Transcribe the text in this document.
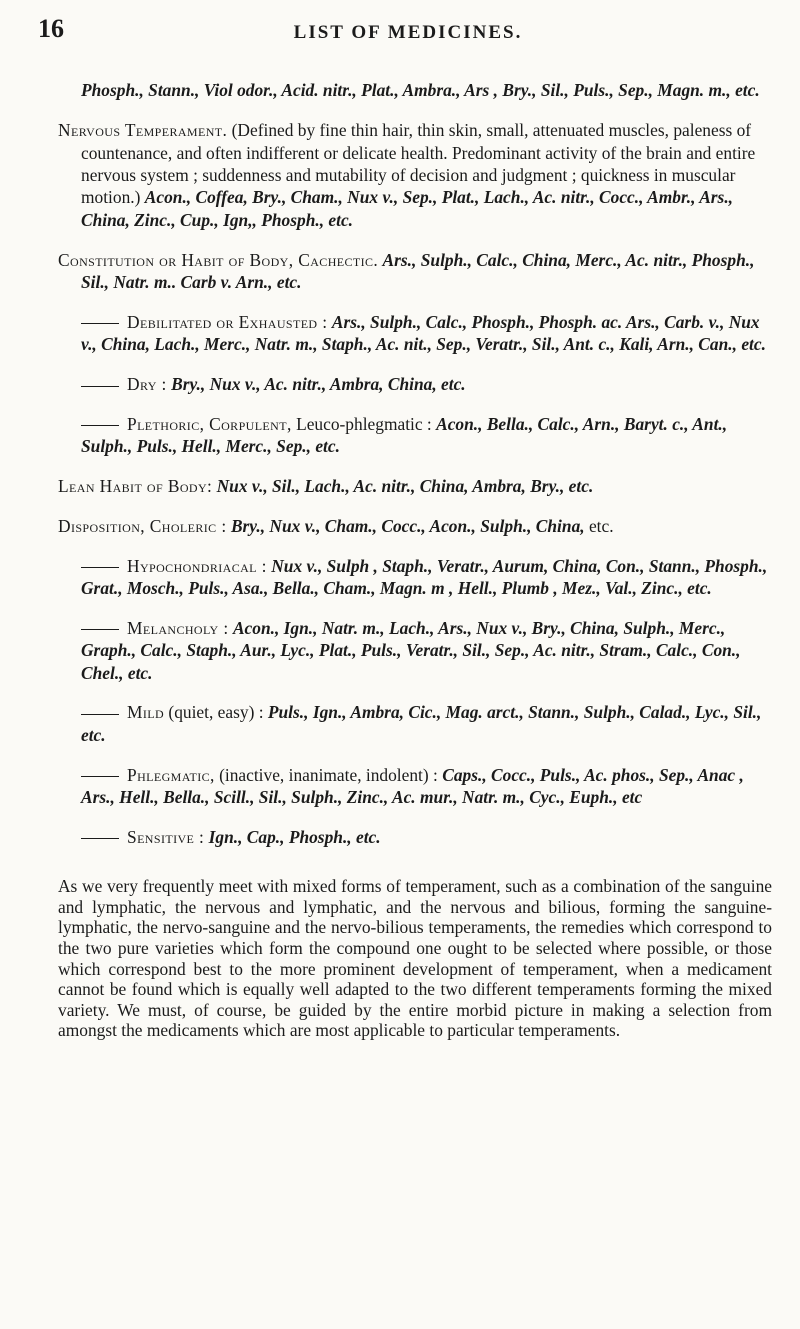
16	LIST OF MEDICINES.

Phosph., Stann., Viol odor., Acid. nitr., Plat., Ambra., Ars , Bry., Sil., Puls., Sep., Magn. m., etc.

Nervous Temperament. (Defined by fine thin hair, thin skin, small, attenuated muscles, paleness of countenance, and often indifferent or delicate health. Predominant activity of the brain and entire nervous system ; suddenness and mutability of decision and judgment ; quickness in muscular motion.) Acon., Coffea, Bry., Cham., Nux v., Sep., Plat., Lach., Ac. nitr., Cocc., Ambr., Ars., China, Zinc., Cup., Ign,, Phosph., etc.

Constitution or Habit of Body, Cachectic. Ars., Sulph., Calc., China, Merc., Ac. nitr., Phosph., Sil., Natr. m.. Carb v. Arn., etc.

Debilitated or Exhausted : Ars., Sulph., Calc., Phosph., Phosph. ac. Ars., Carb. v., Nux v., China, Lach., Merc., Natr. m., Staph., Ac. nit., Sep., Veratr., Sil., Ant. c., Kali, Arn., Can., etc.

Dry : Bry., Nux v., Ac. nitr., Ambra, China, etc.

Plethoric, Corpulent, Leuco-phlegmatic : Acon., Bella., Calc., Arn., Baryt. c., Ant., Sulph., Puls., Hell., Merc., Sep., etc.

Lean Habit of Body: Nux v., Sil., Lach., Ac. nitr., China, Ambra, Bry., etc.

Disposition, Choleric : Bry., Nux v., Cham., Cocc., Acon., Sulph., China, etc.

Hypochondriacal : Nux v., Sulph , Staph., Veratr., Aurum, China, Con., Stann., Phosph., Grat., Mosch., Puls., Asa., Bella., Cham., Magn. m , Hell., Plumb , Mez., Val., Zinc., etc.

Melancholy : Acon., Ign., Natr. m., Lach., Ars., Nux v., Bry., China, Sulph., Merc., Graph., Calc., Staph., Aur., Lyc., Plat., Puls., Veratr., Sil., Sep., Ac. nitr., Stram., Calc., Con., Chel., etc.

Mild (quiet, easy) : Puls., Ign., Ambra, Cic., Mag. arct., Stann., Sulph., Calad., Lyc., Sil., etc.

Phlegmatic, (inactive, inanimate, indolent) : Caps., Cocc., Puls., Ac. phos., Sep., Anac , Ars., Hell., Bella., Scill., Sil., Sulph., Zinc., Ac. mur., Natr. m., Cyc., Euph., etc

Sensitive : Ign., Cap., Phosph., etc.

As we very frequently meet with mixed forms of temperament, such as a combination of the sanguine and lymphatic, the nervous and lymphatic, and the nervous and bilious, forming the sanguine-lymphatic, the nervo-sanguine and the nervo-bilious temperaments, the remedies which correspond to the two pure varieties which form the compound one ought to be selected where possible, or those which correspond best to the more prominent development of temperament, when a medicament cannot be found which is equally well adapted to the two different temperaments forming the mixed variety. We must, of course, be guided by the entire morbid picture in making a selection from amongst the medicaments which are most applicable to particular temperaments.
